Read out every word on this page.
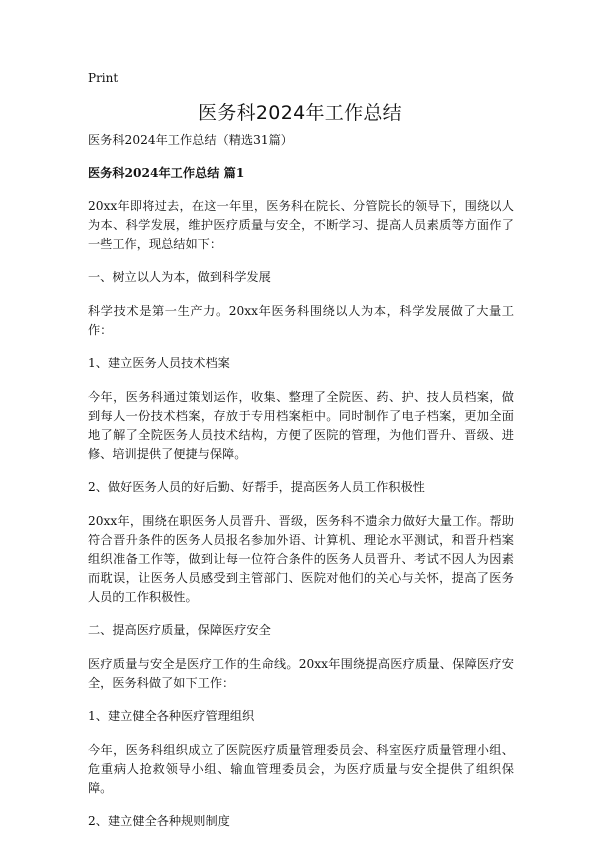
Print
医务科2024年工作总结

医务科2024年工作总结（精选31篇）

医务科2024年工作总结 篇1

20xx年即将过去，在这一年里，医务科在院长、分管院长的领导下，围绕以人为本、科学发展，维护医疗质量与安全，不断学习、提高人员素质等方面作了一些工作，现总结如下：

一、树立以人为本，做到科学发展

科学技术是第一生产力。20xx年医务科围绕以人为本，科学发展做了大量工作：

1、建立医务人员技术档案

今年，医务科通过策划运作，收集、整理了全院医、药、护、技人员档案，做到每人一份技术档案，存放于专用档案柜中。同时制作了电子档案，更加全面地了解了全院医务人员技术结构，方便了医院的管理，为他们晋升、晋级、进修、培训提供了便捷与保障。

2、做好医务人员的好后勤、好帮手，提高医务人员工作积极性

20xx年，围绕在职医务人员晋升、晋级，医务科不遗余力做好大量工作。帮助符合晋升条件的医务人员报名参加外语、计算机、理论水平测试，和晋升档案组织准备工作等，做到让每一位符合条件的医务人员晋升、考试不因人为因素而耽误，让医务人员感受到主管部门、医院对他们的关心与关怀，提高了医务人员的工作积极性。

二、提高医疗质量，保障医疗安全

医疗质量与安全是医疗工作的生命线。20xx年围绕提高医疗质量、保障医疗安全，医务科做了如下工作：

1、建立健全各种医疗管理组织

今年，医务科组织成立了医院医疗质量管理委员会、科室医疗质量管理小组、危重病人抢救领导小组、输血管理委员会，为医疗质量与安全提供了组织保障。

2、建立健全各种规则制度
